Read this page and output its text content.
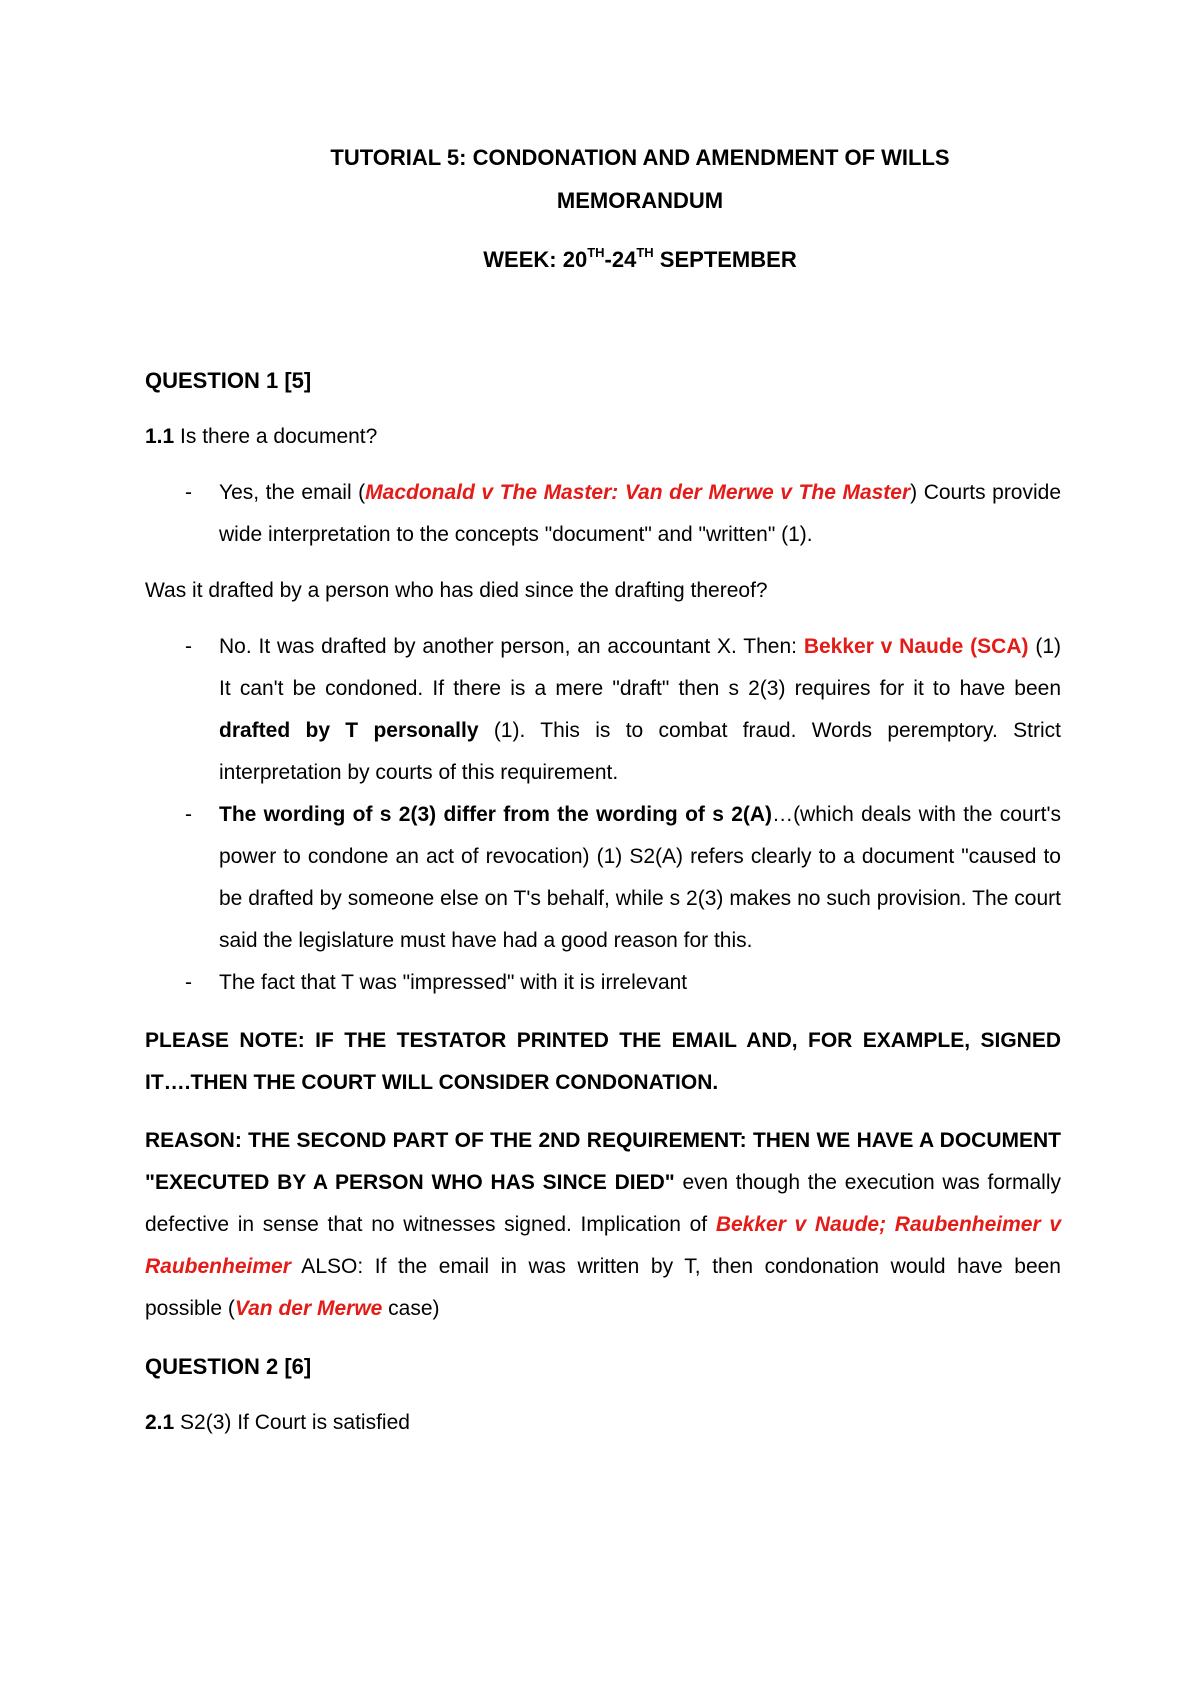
TUTORIAL 5: CONDONATION AND AMENDMENT OF WILLS
MEMORANDUM
WEEK: 20TH-24TH SEPTEMBER

QUESTION 1 [5]

1.1 Is there a document?

- Yes, the email (Macdonald v The Master: Van der Merwe v The Master) Courts provide wide interpretation to the concepts "document" and "written" (1).

Was it drafted by a person who has died since the drafting thereof?

- No. It was drafted by another person, an accountant X. Then: Bekker v Naude (SCA) (1) It can't be condoned. If there is a mere "draft" then s 2(3) requires for it to have been drafted by T personally (1). This is to combat fraud. Words peremptory. Strict interpretation by courts of this requirement.
- The wording of s 2(3) differ from the wording of s 2(A)…(which deals with the court's power to condone an act of revocation) (1) S2(A) refers clearly to a document "caused to be drafted by someone else on T's behalf, while s 2(3) makes no such provision. The court said the legislature must have had a good reason for this.
- The fact that T was "impressed" with it is irrelevant

PLEASE NOTE: IF THE TESTATOR PRINTED THE EMAIL AND, FOR EXAMPLE, SIGNED IT….THEN THE COURT WILL CONSIDER CONDONATION.

REASON: THE SECOND PART OF THE 2ND REQUIREMENT: THEN WE HAVE A DOCUMENT "EXECUTED BY A PERSON WHO HAS SINCE DIED" even though the execution was formally defective in sense that no witnesses signed. Implication of Bekker v Naude; Raubenheimer v Raubenheimer ALSO: If the email in was written by T, then condonation would have been possible (Van der Merwe case)

QUESTION 2 [6]

2.1 S2(3) If Court is satisfied
